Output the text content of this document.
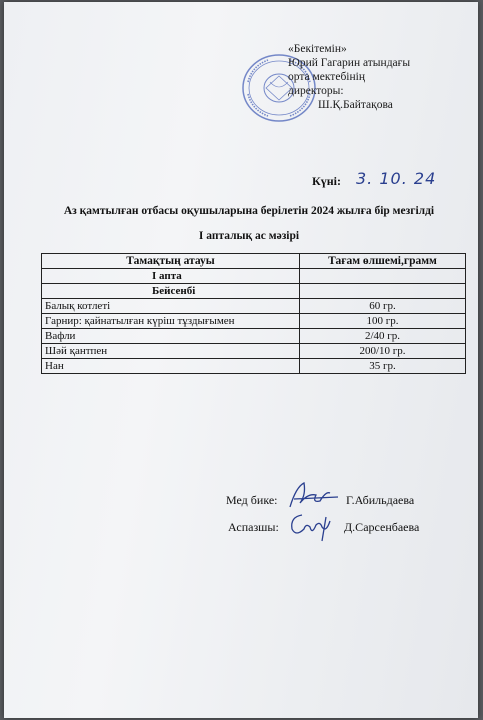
«Бекітемін»
Юрий Гагарин атындағы
орта мектебінің
директоры:
Ш.Қ.Байтақова
Күні: 3. 10. 24
Аз қамтылған отбасы оқушыларына берілетін 2024 жылға бір мезгілді
I апталық ас мәзірі
Тамақтың атауы	Тағам өлшемі,грамм
I апта	
Бейсенбі	
Балық котлеті	60 гр.
Гарнир: қайнатылған күріш тұздығымен	100 гр.
Вафли	2/40 гр.
Шәй қантпен	200/10 гр.
Нан	35 гр.
Мед бике:	Г.Абильдаева
Аспазшы:	Д.Сарсенбаева
